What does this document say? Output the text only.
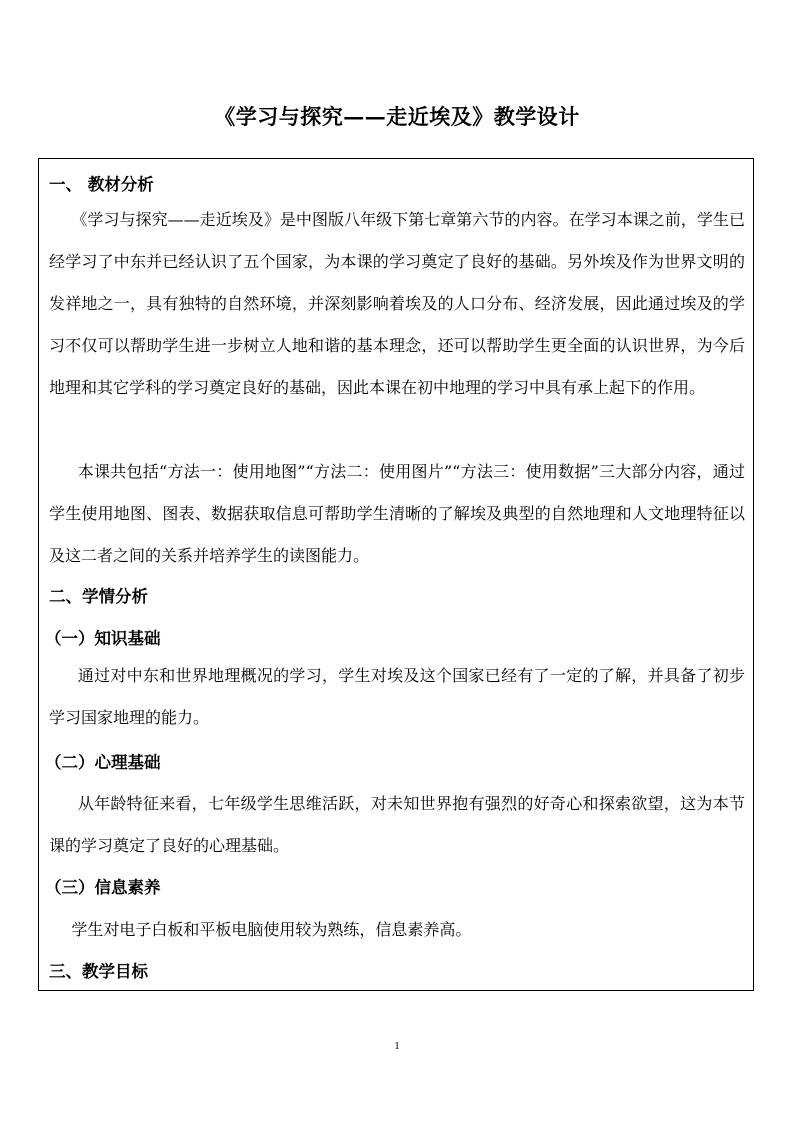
《学习与探究——走近埃及》教学设计
一、 教材分析

《学习与探究——走近埃及》是中图版八年级下第七章第六节的内容。在学习本课之前，学生已经学习了中东并已经认识了五个国家，为本课的学习奠定了良好的基础。另外埃及作为世界文明的发祥地之一，具有独特的自然环境，并深刻影响着埃及的人口分布、经济发展，因此通过埃及的学习不仅可以帮助学生进一步树立人地和谐的基本理念，还可以帮助学生更全面的认识世界，为今后地理和其它学科的学习奠定良好的基础，因此本课在初中地理的学习中具有承上起下的作用。

本课共包括“方法一：使用地图”“方法二：使用图片”“方法三：使用数据”三大部分内容，通过学生使用地图、图表、数据获取信息可帮助学生清晰的了解埃及典型的自然地理和人文地理特征以及这二者之间的关系并培养学生的读图能力。

二、学情分析
（一）知识基础

通过对中东和世界地理概况的学习，学生对埃及这个国家已经有了一定的了解，并具备了初步学习国家地理的能力。

（二）心理基础

从年龄特征来看，七年级学生思维活跃，对未知世界抱有强烈的好奇心和探索欲望，这为本节课的学习奠定了良好的心理基础。

（三）信息素养

学生对电子白板和平板电脑使用较为熟练，信息素养高。

三、教学目标
1
